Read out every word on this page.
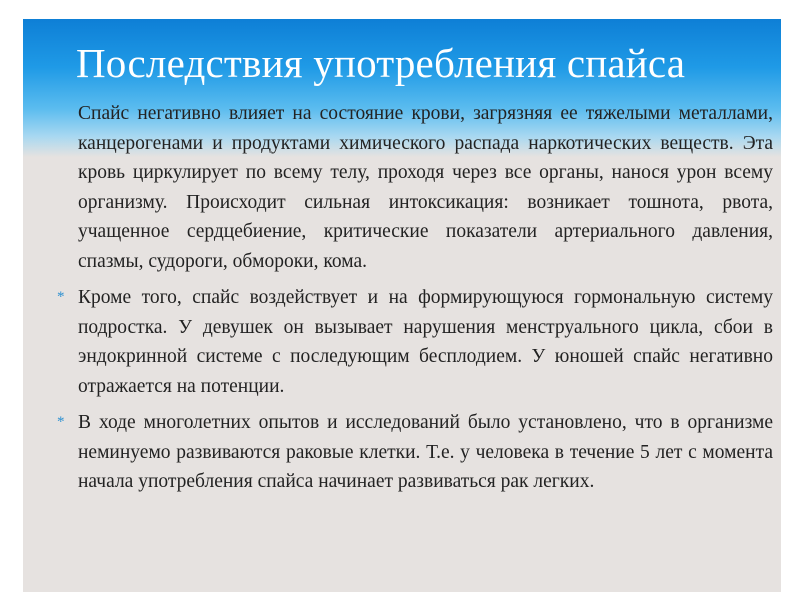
Последствия употребления спайса

Спайс негативно влияет на состояние крови, загрязняя ее тяжелыми металлами, канцерогенами и продуктами химического распада наркотических веществ. Эта кровь циркулирует по всему телу, проходя через все органы, нанося урон всему организму. Происходит сильная интоксикация: возникает тошнота, рвота, учащенное сердцебиение, критические показатели артериального давления, спазмы, судороги, обмороки, кома.

* Кроме того, спайс воздействует и на формирующуюся гормональную систему подростка. У девушек он вызывает нарушения менструального цикла, сбои в эндокринной системе с последующим бесплодием. У юношей спайс негативно отражается на потенции.

* В ходе многолетних опытов и исследований было установлено, что в организме неминуемо развиваются раковые клетки. Т.е. у человека в течение 5 лет с момента начала употребления спайса начинает развиваться рак легких.
